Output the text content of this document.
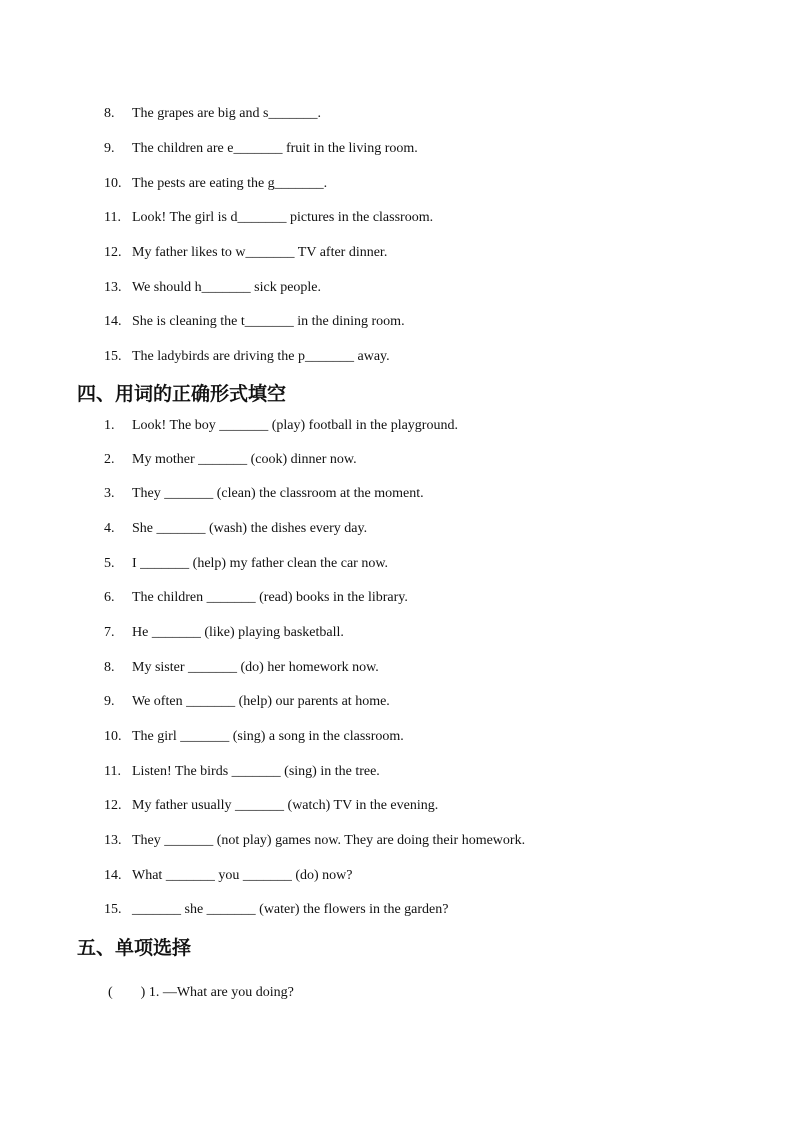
8. The grapes are big and s_______.
9. The children are e_______ fruit in the living room.
10. The pests are eating the g_______.
11. Look! The girl is d_______ pictures in the classroom.
12. My father likes to w_______ TV after dinner.
13. We should h_______ sick people.
14. She is cleaning the t_______ in the dining room.
15. The ladybirds are driving the p_______ away.
四、用词的正确形式填空
1. Look! The boy _______ (play) football in the playground.
2. My mother _______ (cook) dinner now.
3. They _______ (clean) the classroom at the moment.
4. She _______ (wash) the dishes every day.
5. I _______ (help) my father clean the car now.
6. The children _______ (read) books in the library.
7. He _______ (like) playing basketball.
8. My sister _______ (do) her homework now.
9. We often _______ (help) our parents at home.
10. The girl _______ (sing) a song in the classroom.
11. Listen! The birds _______ (sing) in the tree.
12. My father usually _______ (watch) TV in the evening.
13. They _______ (not play) games now. They are doing their homework.
14. What _______ you _______ (do) now?
15. _______ she _______ (water) the flowers in the garden?
五、单项选择
(　　) 1. —What are you doing?
